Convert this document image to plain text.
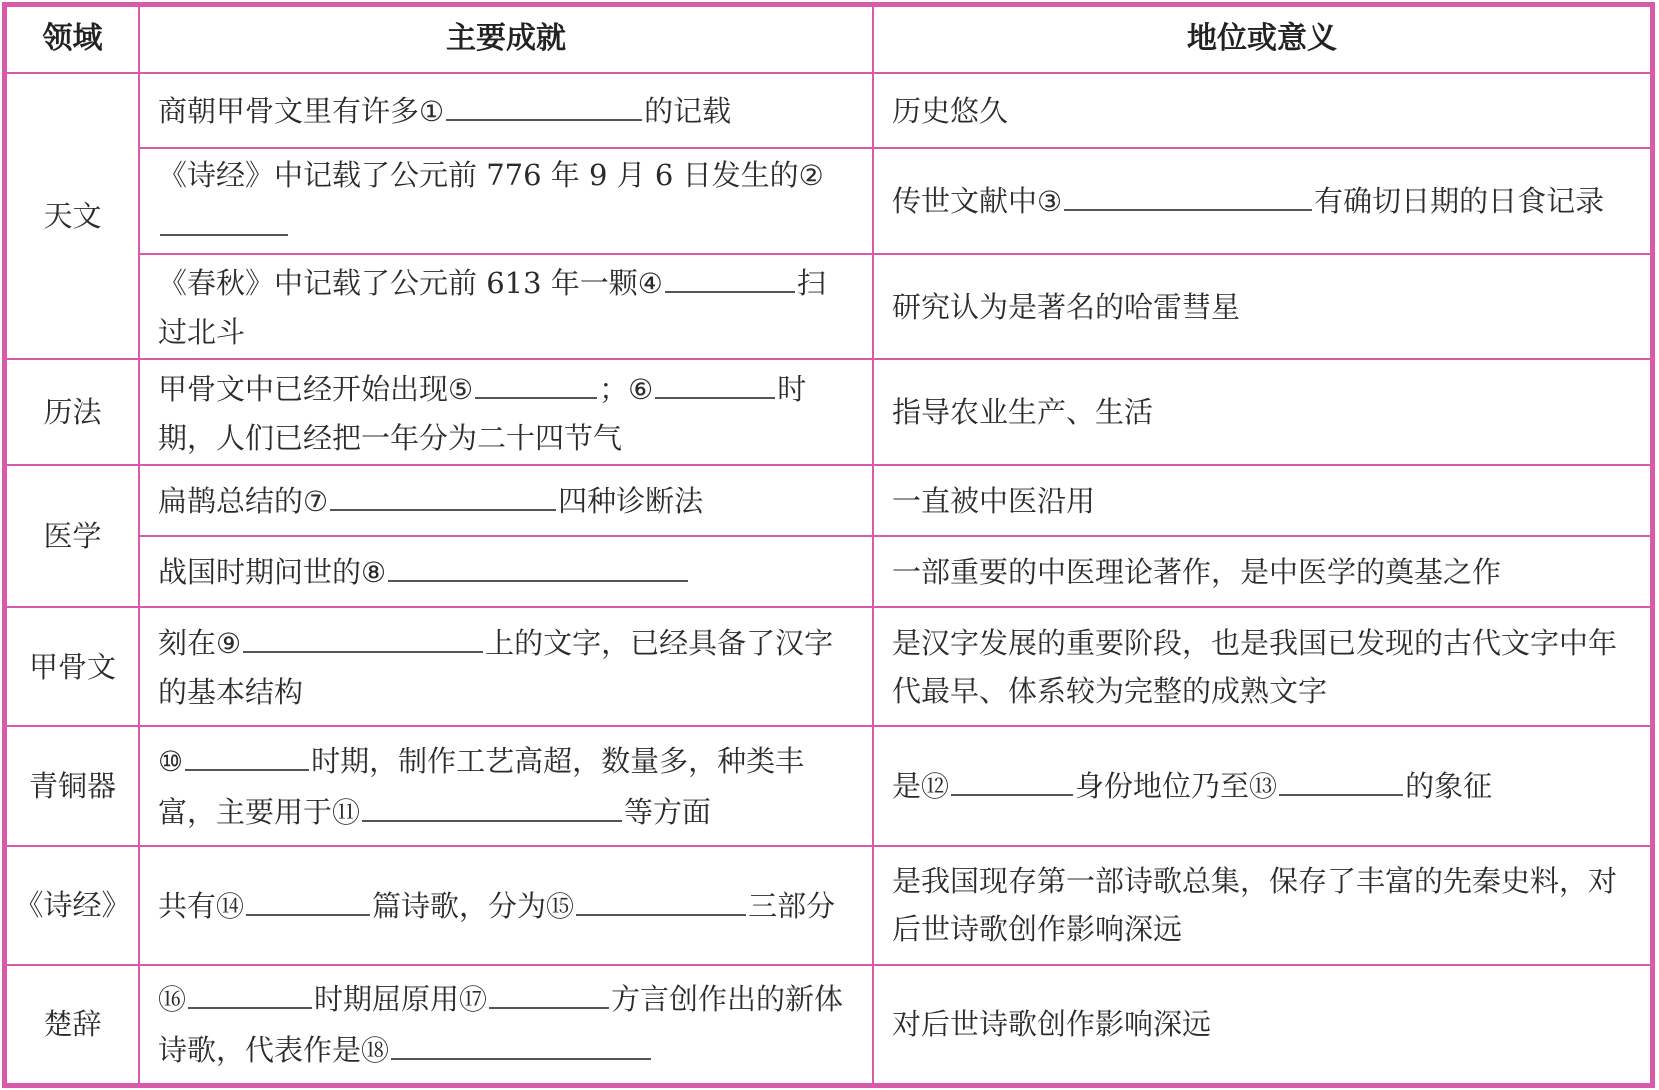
领域	主要成就	地位或意义
天文	商朝甲骨文里有许多① 的记载	历史悠久
	《诗经》中记载了公元前 776 年 9 月 6 日发生的②	传世文献中③ 有确切日期的日食记录
	《春秋》中记载了公元前 613 年一颗④ 扫过北斗	研究认为是著名的哈雷彗星
历法	甲骨文中已经开始出现⑤ ；⑥ 时期，人们已经把一年分为二十四节气	指导农业生产、生活
医学	扁鹊总结的⑦ 四种诊断法	一直被中医沿用
	战国时期问世的⑧	一部重要的中医理论著作，是中医学的奠基之作
甲骨文	刻在⑨ 上的文字，已经具备了汉字的基本结构	是汉字发展的重要阶段，也是我国已发现的古代文字中年代最早、体系较为完整的成熟文字
青铜器	⑩ 时期，制作工艺高超，数量多，种类丰富，主要用于⑪ 等方面	是⑫ 身份地位乃至⑬ 的象征
《诗经》	共有⑭ 篇诗歌，分为⑮ 三部分	是我国现存第一部诗歌总集，保存了丰富的先秦史料，对后世诗歌创作影响深远
楚辞	⑯ 时期屈原用⑰ 方言创作出的新体诗歌，代表作是⑱	对后世诗歌创作影响深远
